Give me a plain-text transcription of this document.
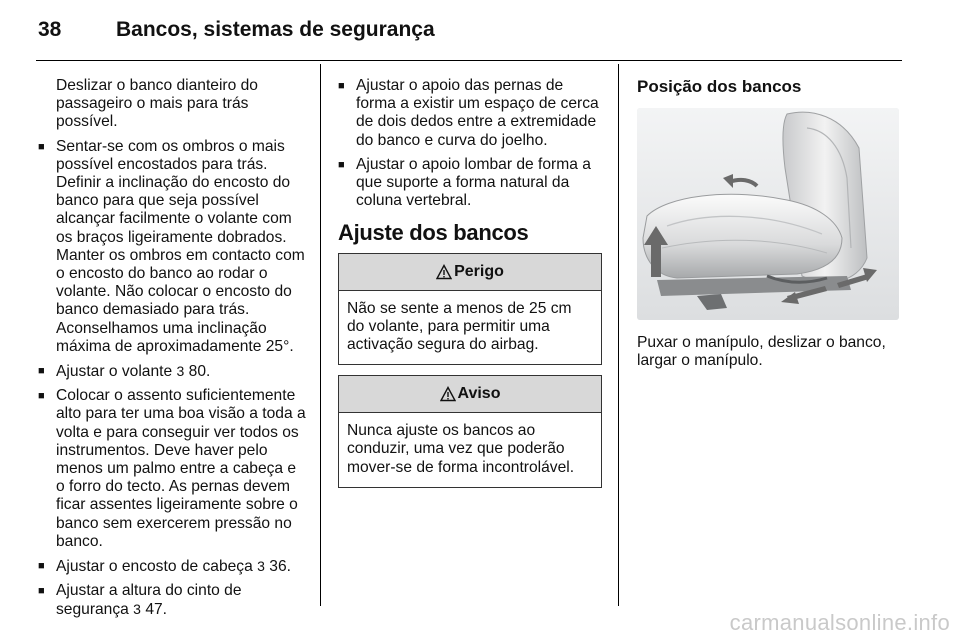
38	Bancos, sistemas de segurança

Deslizar o banco dianteiro do passageiro o mais para trás possível.

■ Sentar-se com os ombros o mais possível encostados para trás. Definir a inclinação do encosto do banco para que seja possível alcançar facilmente o volante com os braços ligeiramente dobrados. Manter os ombros em contacto com o encosto do banco ao rodar o volante. Não colocar o encosto do banco demasiado para trás. Aconselhamos uma inclinação máxima de aproximadamente 25°.

■ Ajustar o volante 3 80.

■ Colocar o assento suficientemente alto para ter uma boa visão a toda a volta e para conseguir ver todos os instrumentos. Deve haver pelo menos um palmo entre a cabeça e o forro do tecto. As pernas devem ficar assentes ligeiramente sobre o banco sem exercerem pressão no banco.

■ Ajustar o encosto de cabeça 3 36.

■ Ajustar a altura do cinto de segurança 3 47.

■ Ajustar o apoio das pernas de forma a existir um espaço de cerca de dois dedos entre a extremidade do banco e curva do joelho.

■ Ajustar o apoio lombar de forma a que suporte a forma natural da coluna vertebral.

Ajuste dos bancos

Perigo
Não se sente a menos de 25 cm do volante, para permitir uma activação segura do airbag.
Aviso
Nunca ajuste os bancos ao conduzir, uma vez que poderão mover-se de forma incontrolável.

Posição dos bancos

Puxar o manípulo, deslizar o banco, largar o manípulo.

carmanualsonline.info
